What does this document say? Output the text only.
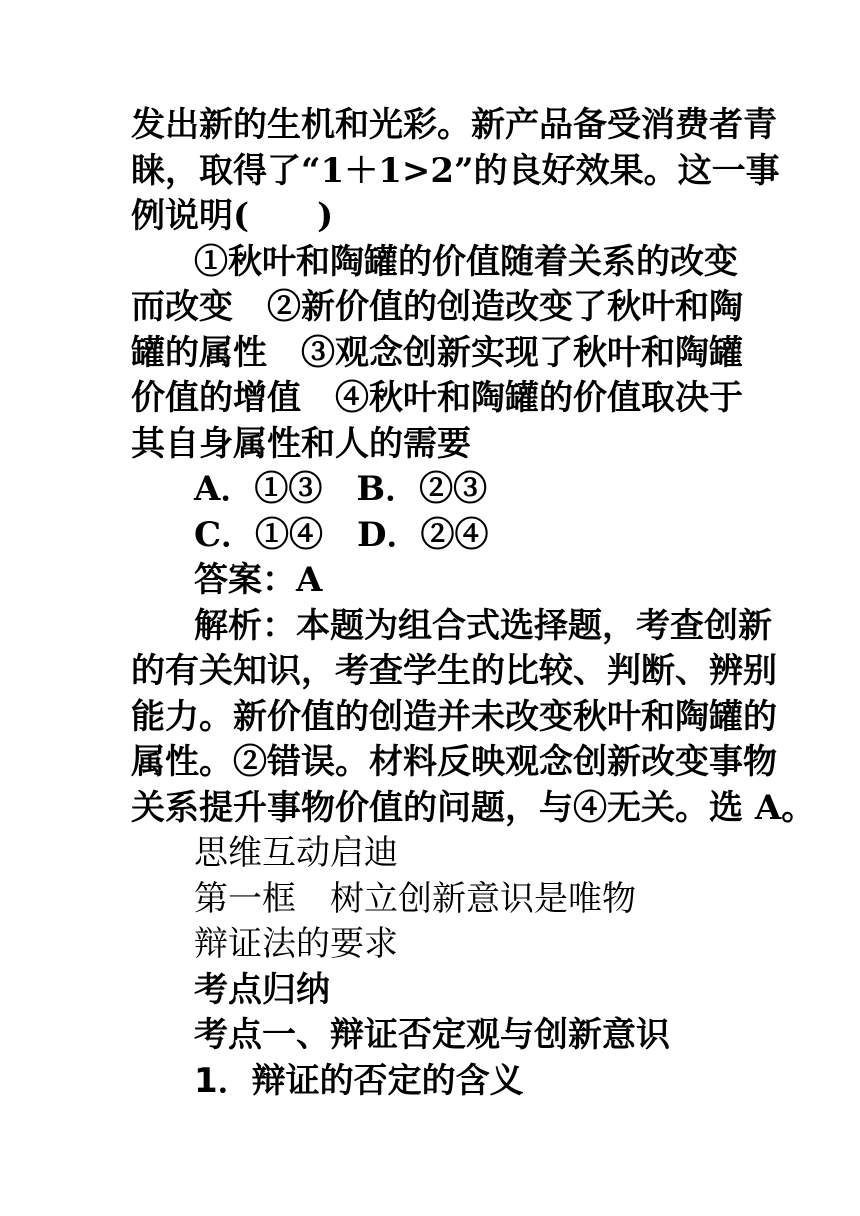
发出新的生机和光彩。新产品备受消费者青
睐，取得了“1＋1>2”的良好效果。这一事
例说明(　　)
①秋叶和陶罐的价值随着关系的改变
而改变　②新价值的创造改变了秋叶和陶
罐的属性　③观念创新实现了秋叶和陶罐
价值的增值　④秋叶和陶罐的价值取决于
其自身属性和人的需要
A．①③　B．②③
C．①④　D．②④
答案：A
解析：本题为组合式选择题，考查创新
的有关知识，考查学生的比较、判断、辨别
能力。新价值的创造并未改变秋叶和陶罐的
属性。②错误。材料反映观念创新改变事物
关系提升事物价值的问题，与④无关。选 A。
思维互动启迪
第一框　树立创新意识是唯物
辩证法的要求
考点归纳
考点一、辩证否定观与创新意识
1．辩证的否定的含义
